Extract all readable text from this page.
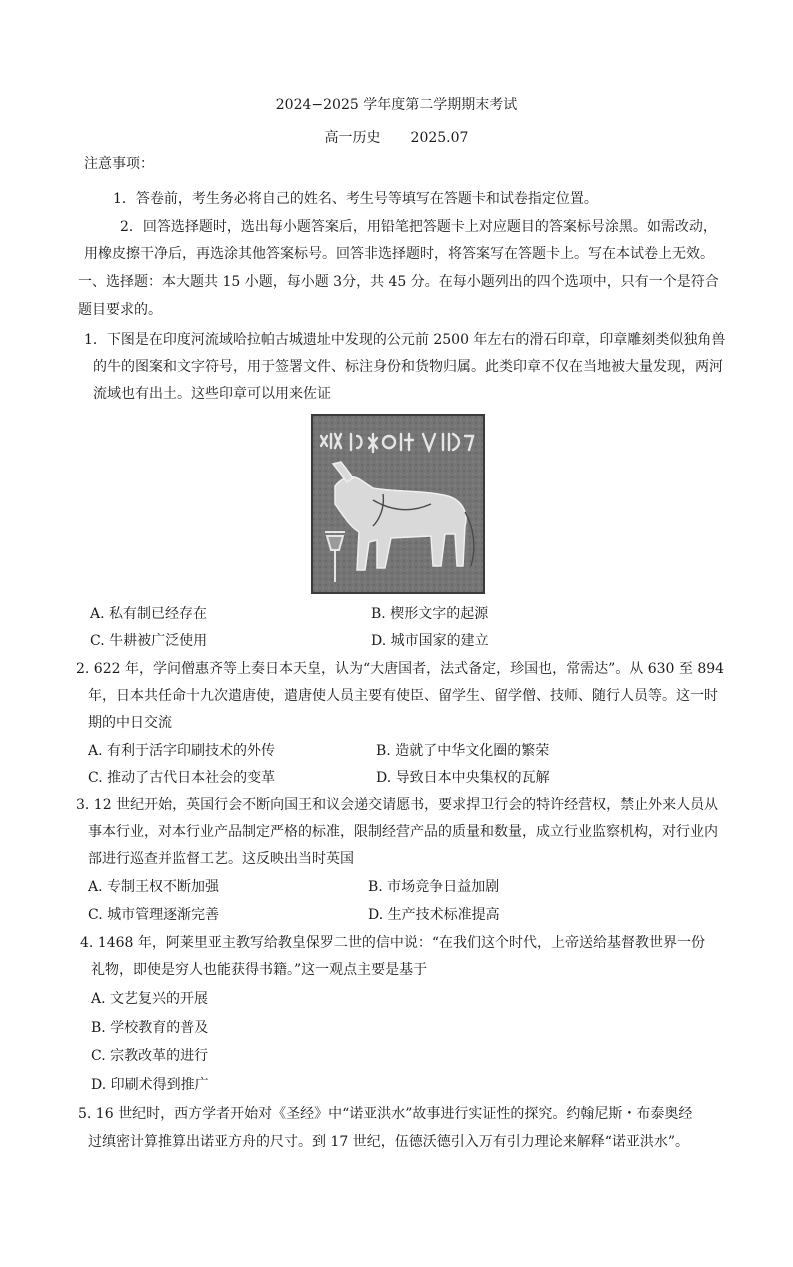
2024−2025 学年度第二学期期末考试
高一历史 2025.07
注意事项：
1．答卷前，考生务必将自己的姓名、考生号等填写在答题卡和试卷指定位置。
2．回答选择题时，选出每小题答案后，用铅笔把答题卡上对应题目的答案标号涂黑。如需改动，
用橡皮擦干净后，再选涂其他答案标号。回答非选择题时，将答案写在答题卡上。写在本试卷上无效。
一、选择题：本大题共 15 小题，每小题 3分，共 45 分。在每小题列出的四个选项中，只有一个是符合
题目要求的。
1．下图是在印度河流域哈拉帕古城遗址中发现的公元前 2500 年左右的滑石印章，印章雕刻类似独角兽
的牛的图案和文字符号，用于签署文件、标注身份和货物归属。此类印章不仅在当地被大量发现，两河
流域也有出土。这些印章可以用来佐证
A. 私有制已经存在	B. 楔形文字的起源
C. 牛耕被广泛使用	D. 城市国家的建立
2. 622 年，学问僧惠齐等上奏日本天皇，认为“大唐国者，法式备定，珍国也，常需达”。从 630 至 894
年，日本共任命十九次遣唐使，遣唐使人员主要有使臣、留学生、留学僧、技师、随行人员等。这一时
期的中日交流
A. 有利于活字印刷技术的外传	B. 造就了中华文化圈的繁荣
C. 推动了古代日本社会的变革	D. 导致日本中央集权的瓦解
3. 12 世纪开始，英国行会不断向国王和议会递交请愿书，要求捍卫行会的特许经营权，禁止外来人员从
事本行业，对本行业产品制定严格的标准，限制经营产品的质量和数量，成立行业监察机构，对行业内
部进行巡查并监督工艺。这反映出当时英国
A. 专制王权不断加强	B. 市场竞争日益加剧
C. 城市管理逐渐完善	D. 生产技术标准提高
4. 1468 年，阿莱里亚主教写给教皇保罗二世的信中说：“在我们这个时代，上帝送给基督教世界一份
礼物，即使是穷人也能获得书籍。”这一观点主要是基于
A. 文艺复兴的开展
B. 学校教育的普及
C. 宗教改革的进行
D. 印刷术得到推广
5. 16 世纪时，西方学者开始对《圣经》中“诺亚洪水”故事进行实证性的探究。约翰尼斯・布泰奥经
过缜密计算推算出诺亚方舟的尺寸。到 17 世纪，伍德沃德引入万有引力理论来解释“诺亚洪水”。
